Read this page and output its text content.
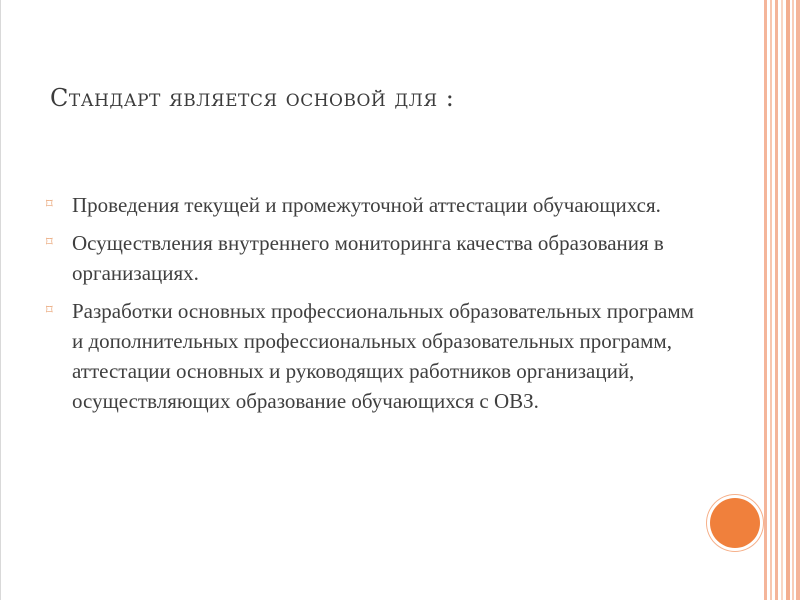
Стандарт является основой для :
⌑ Проведения текущей и промежуточной аттестации обучающихся.
⌑ Осуществления внутреннего мониторинга качества образования в организациях.
⌑ Разработки основных профессиональных образовательных программ и дополнительных профессиональных образовательных программ, аттестации основных и руководящих работников организаций, осуществляющих образование обучающихся с ОВЗ.
